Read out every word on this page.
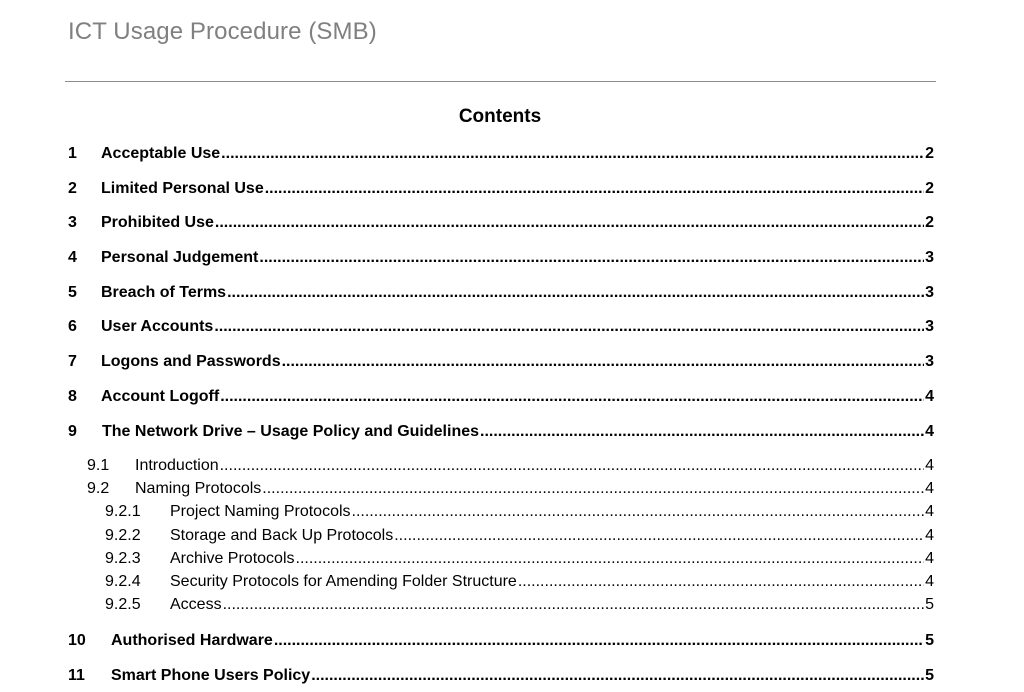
ICT Usage Procedure (SMB)
Contents
1	Acceptable Use .....	2
2	Limited Personal Use .....	2
3	Prohibited Use .....	2
4	Personal Judgement .....	3
5	Breach of Terms .....	3
6	User Accounts .....	3
7	Logons and Passwords .....	3
8	Account Logoff .....	4
9	The Network Drive – Usage Policy and Guidelines .....	4
9.1	Introduction .....	4
9.2	Naming Protocols .....	4
9.2.1	Project Naming Protocols .....	4
9.2.2	Storage and Back Up Protocols .....	4
9.2.3	Archive Protocols .....	4
9.2.4	Security Protocols for Amending Folder Structure .....	4
9.2.5	Access .....	5
10	Authorised Hardware .....	5
11	Smart Phone Users Policy .....	5
